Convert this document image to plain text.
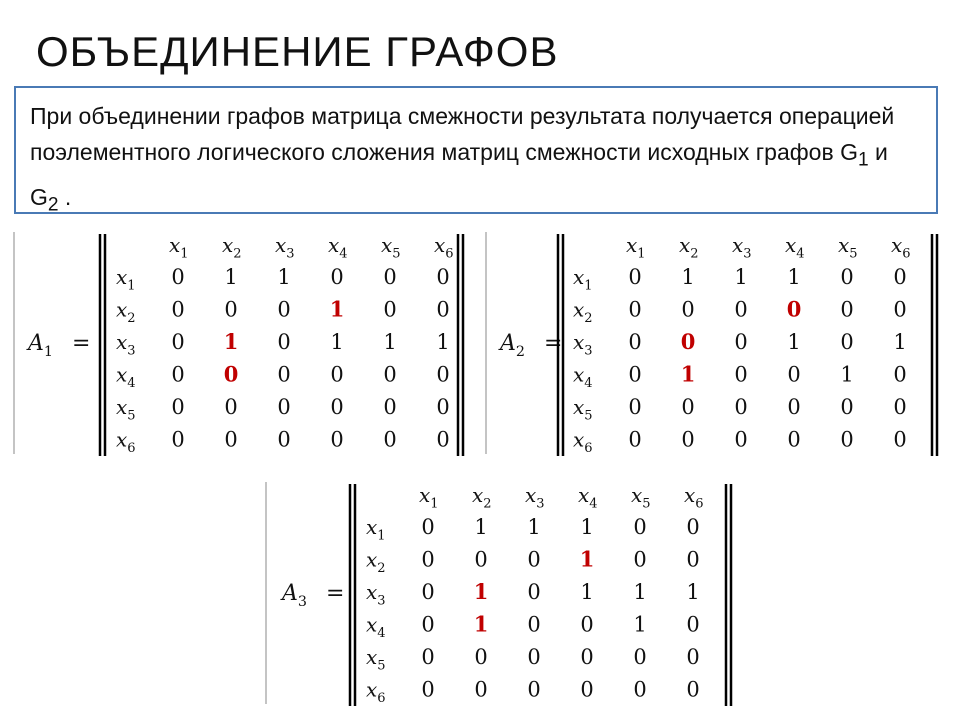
ОБЪЕДИНЕНИЕ ГРАФОВ
При объединении графов матрица смежности результата получается операцией поэлементного логического сложения матриц смежности исходных графов $G_1$ и $G_2$ .
$A_1$ =
$x_1$ $x_2$ $x_3$ $x_4$ $x_5$ $x_6$
$x_1$ 0 1 1 0 0 0
$x_2$ 0 0 0 1 0 0
$x_3$ 0 1 0 1 1 1
$x_4$ 0 0 0 0 0 0
$x_5$ 0 0 0 0 0 0
$x_6$ 0 0 0 0 0 0
$A_2$ =
$x_1$ $x_2$ $x_3$ $x_4$ $x_5$ $x_6$
$x_1$ 0 1 1 1 0 0
$x_2$ 0 0 0 0 0 0
$x_3$ 0 0 0 1 0 1
$x_4$ 0 1 0 0 1 0
$x_5$ 0 0 0 0 0 0
$x_6$ 0 0 0 0 0 0
$A_3$ =
$x_1$ $x_2$ $x_3$ $x_4$ $x_5$ $x_6$
$x_1$ 0 1 1 1 0 0
$x_2$ 0 0 0 1 0 0
$x_3$ 0 1 0 1 1 1
$x_4$ 0 1 0 0 1 0
$x_5$ 0 0 0 0 0 0
$x_6$ 0 0 0 0 0 0
